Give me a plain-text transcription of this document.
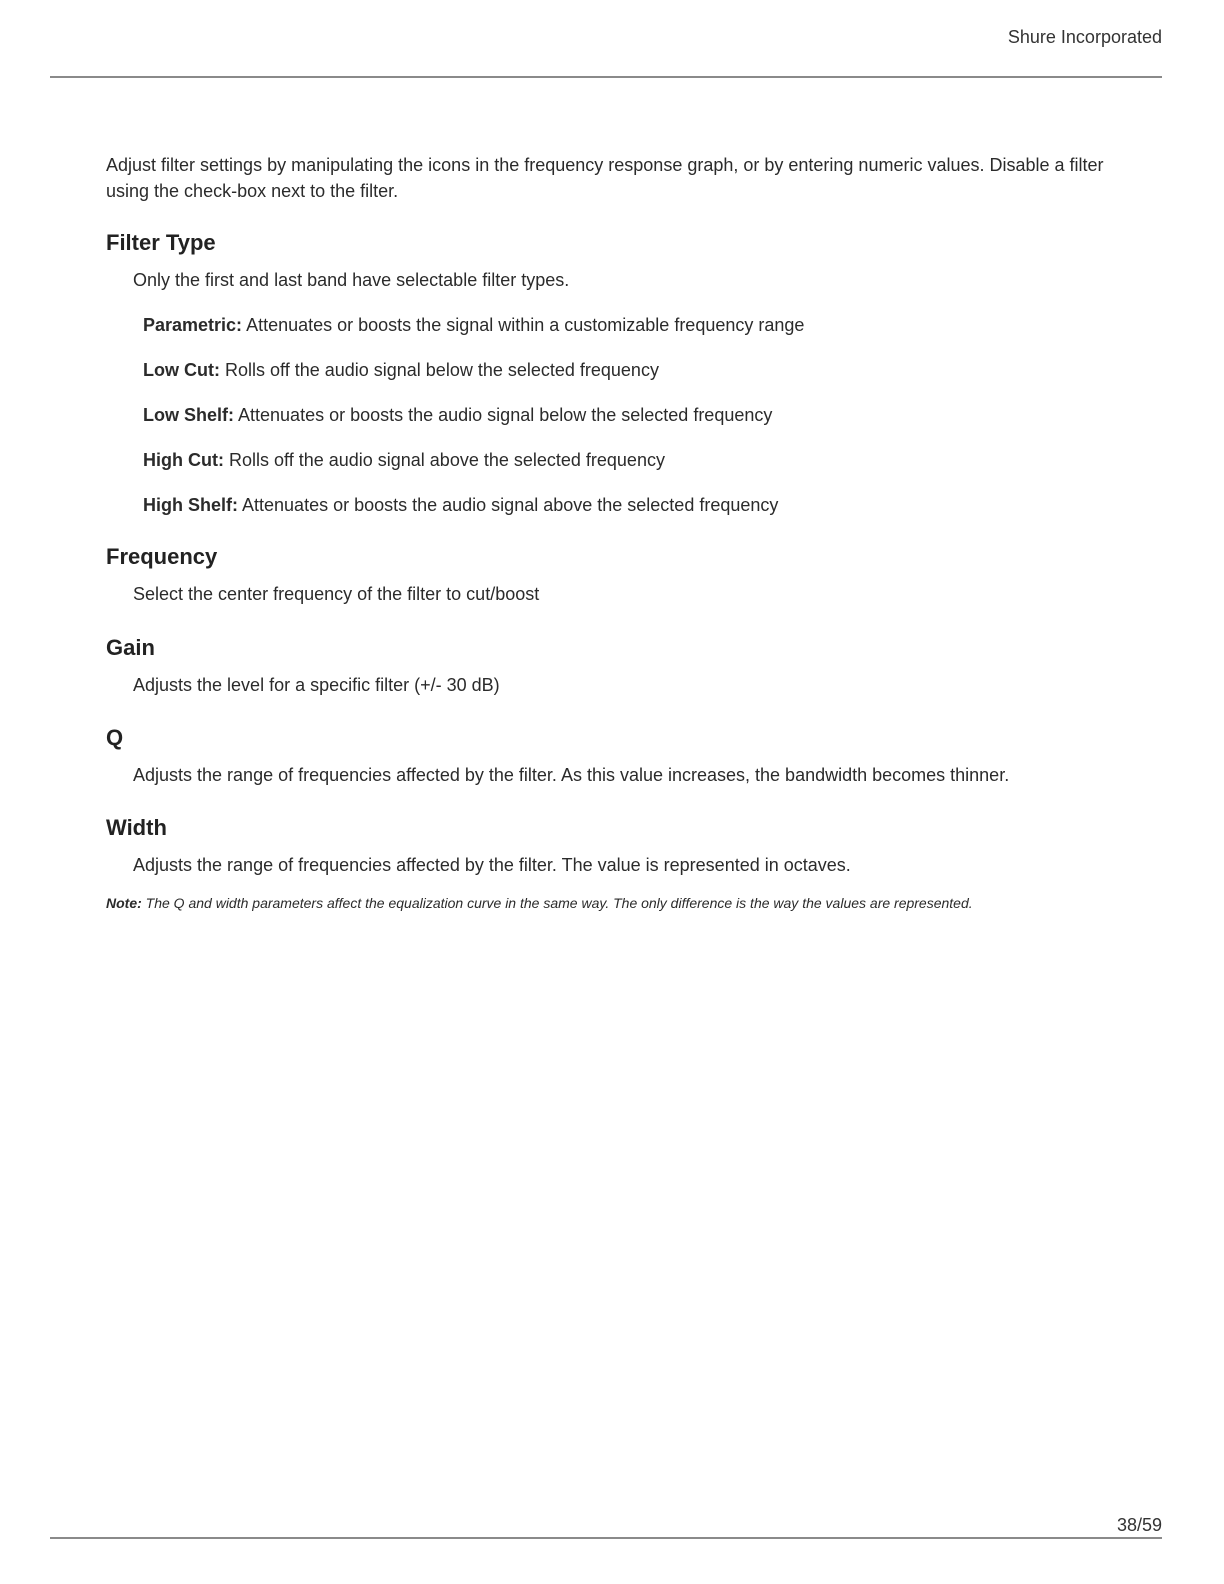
Shure Incorporated

Adjust filter settings by manipulating the icons in the frequency response graph, or by entering numeric values. Disable a filter using the check-box next to the filter.

Filter Type

Only the first and last band have selectable filter types.

Parametric: Attenuates or boosts the signal within a customizable frequency range

Low Cut: Rolls off the audio signal below the selected frequency

Low Shelf: Attenuates or boosts the audio signal below the selected frequency

High Cut: Rolls off the audio signal above the selected frequency

High Shelf: Attenuates or boosts the audio signal above the selected frequency

Frequency

Select the center frequency of the filter to cut/boost

Gain

Adjusts the level for a specific filter (+/- 30 dB)

Q

Adjusts the range of frequencies affected by the filter. As this value increases, the bandwidth becomes thinner.

Width

Adjusts the range of frequencies affected by the filter. The value is represented in octaves.

Note: The Q and width parameters affect the equalization curve in the same way. The only difference is the way the values are represented.

38/59
